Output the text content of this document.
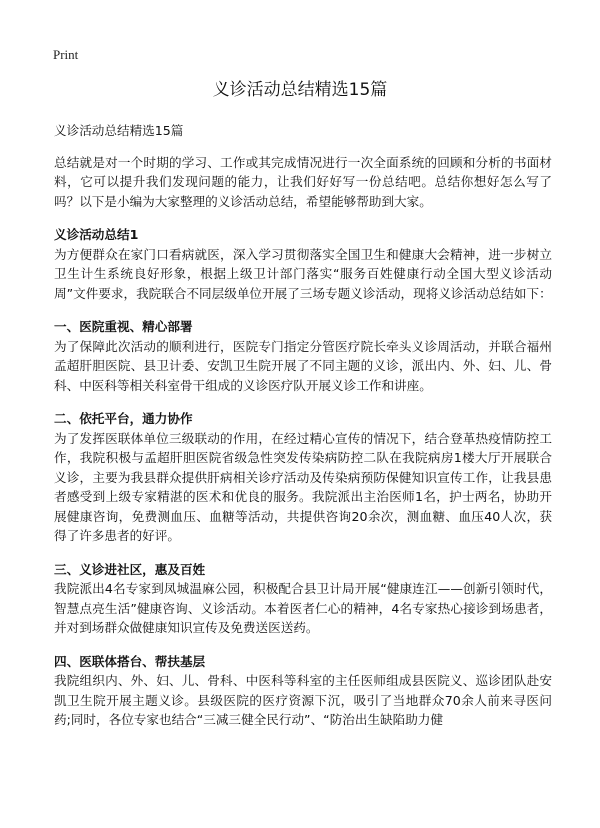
Print
义诊活动总结精选15篇

义诊活动总结精选15篇

总结就是对一个时期的学习、工作或其完成情况进行一次全面系统的回顾和分析的书面材料，它可以提升我们发现问题的能力，让我们好好写一份总结吧。总结你想好怎么写了吗？以下是小编为大家整理的义诊活动总结，希望能够帮助到大家。

义诊活动总结1

为方便群众在家门口看病就医，深入学习贯彻落实全国卫生和健康大会精神，进一步树立卫生计生系统良好形象，根据上级卫计部门落实“服务百姓健康行动全国大型义诊活动周”文件要求，我院联合不同层级单位开展了三场专题义诊活动，现将义诊活动总结如下：

一、医院重视、精心部署

为了保障此次活动的顺利进行，医院专门指定分管医疗院长牵头义诊周活动，并联合福州孟超肝胆医院、县卫计委、安凯卫生院开展了不同主题的义诊，派出内、外、妇、儿、骨科、中医科等相关科室骨干组成的义诊医疗队开展义诊工作和讲座。

二、依托平台，通力协作

为了发挥医联体单位三级联动的作用，在经过精心宣传的情况下，结合登革热疫情防控工作，我院积极与孟超肝胆医院省级急性突发传染病防控二队在我院病房1楼大厅开展联合义诊，主要为我县群众提供肝病相关诊疗活动及传染病预防保健知识宣传工作，让我县患者感受到上级专家精湛的医术和优良的服务。我院派出主治医师1名，护士两名，协助开展健康咨询，免费测血压、血糖等活动，共提供咨询20余次，测血糖、血压40人次，获得了许多患者的好评。

三、义诊进社区，惠及百姓

我院派出4名专家到凤城温麻公园，积极配合县卫计局开展“健康连江——创新引领时代，智慧点亮生活”健康咨询、义诊活动。本着医者仁心的精神，4名专家热心接诊到场患者，并对到场群众做健康知识宣传及免费送医送药。

四、医联体搭台、帮扶基层

我院组织内、外、妇、儿、骨科、中医科等科室的主任医师组成县医院义、巡诊团队赴安凯卫生院开展主题义诊。县级医院的医疗资源下沉，吸引了当地群众70余人前来寻医问药;同时，各位专家也结合“三减三健全民行动”、“防治出生缺陷助力健
